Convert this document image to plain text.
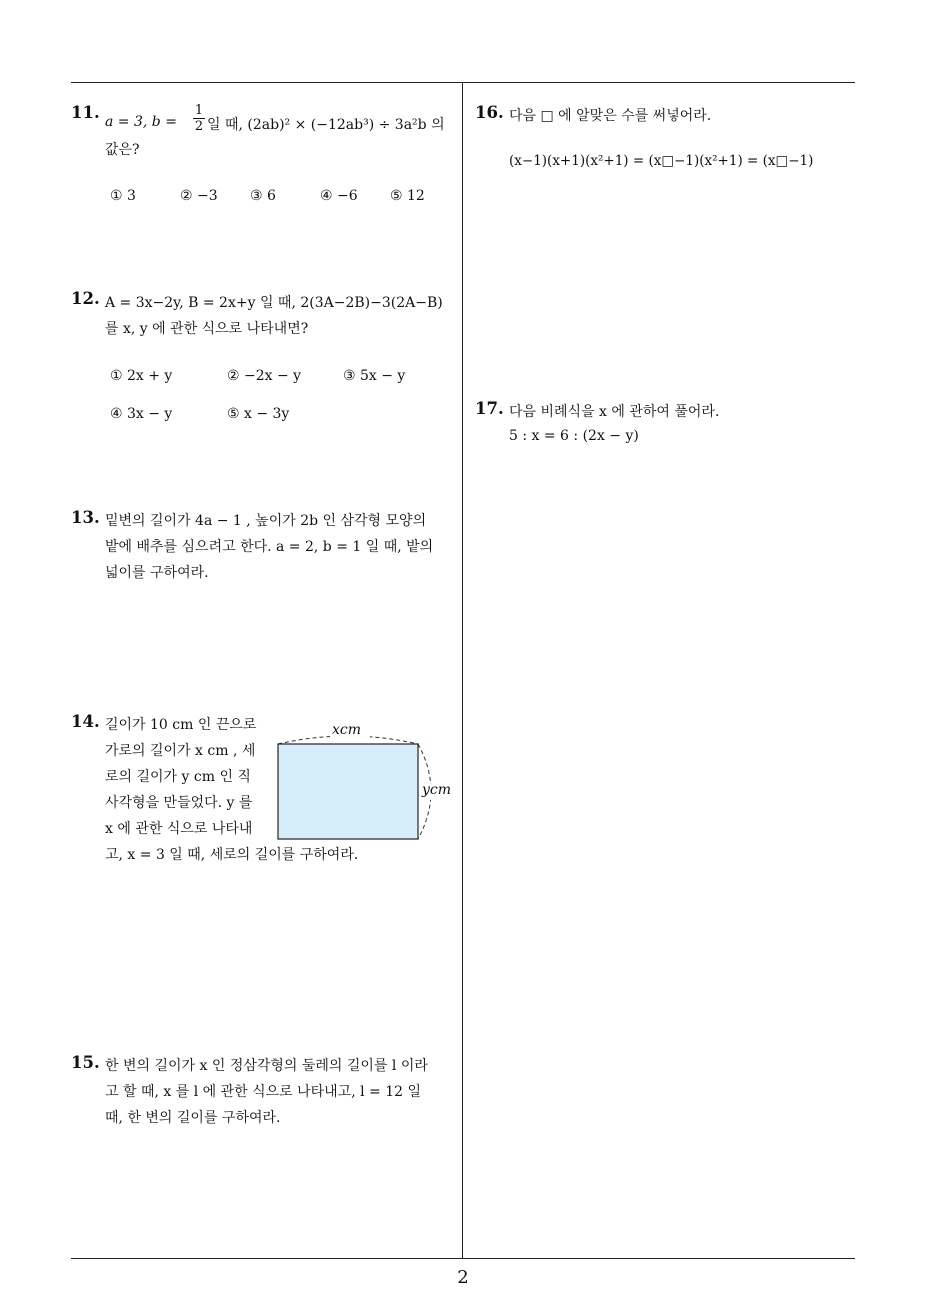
11. a = 3, $b = \frac{1}{2}$ 일 때, (2ab)² × (−12ab³) ÷ 3a²b 의
값은?
① 3	② −3 ③ 6	④ −6 ⑤ 12
12. A = 3x−2y, B = 2x+y 일 때, 2(3A−2B)−3(2A−B)
를 x, y 에 관한 식으로 나타내면?
① 2x + y	② −2x − y	③ 5x − y
④ 3x − y	⑤ x − 3y
13. 밑변의 길이가 4a − 1 , 높이가 2b 인 삼각형 모양의
밭에 배추를 심으려고 한다. a = 2, b = 1 일 때, 밭의
넓이를 구하여라.
14. 길이가 10 cm 인 끈으로
가로의 길이가 x cm , 세
로의 길이가 y cm 인 직
사각형을 만들었다. y 를
x 에 관한 식으로 나타내
고, x = 3 일 때, 세로의 길이를 구하여라.
xcm
ycm
15. 한 변의 길이가 x 인 정삼각형의 둘레의 길이를 l 이라
고 할 때, x 를 l 에 관한 식으로 나타내고, l = 12 일
때, 한 변의 길이를 구하여라.
16. 다음 □ 에 알맞은 수를 써넣어라.
(x−1)(x+1)(x²+1) = (x□−1)(x²+1) = (x□−1)
17. 다음 비례식을 x 에 관하여 풀어라.
5 : x = 6 : (2x − y)
2
